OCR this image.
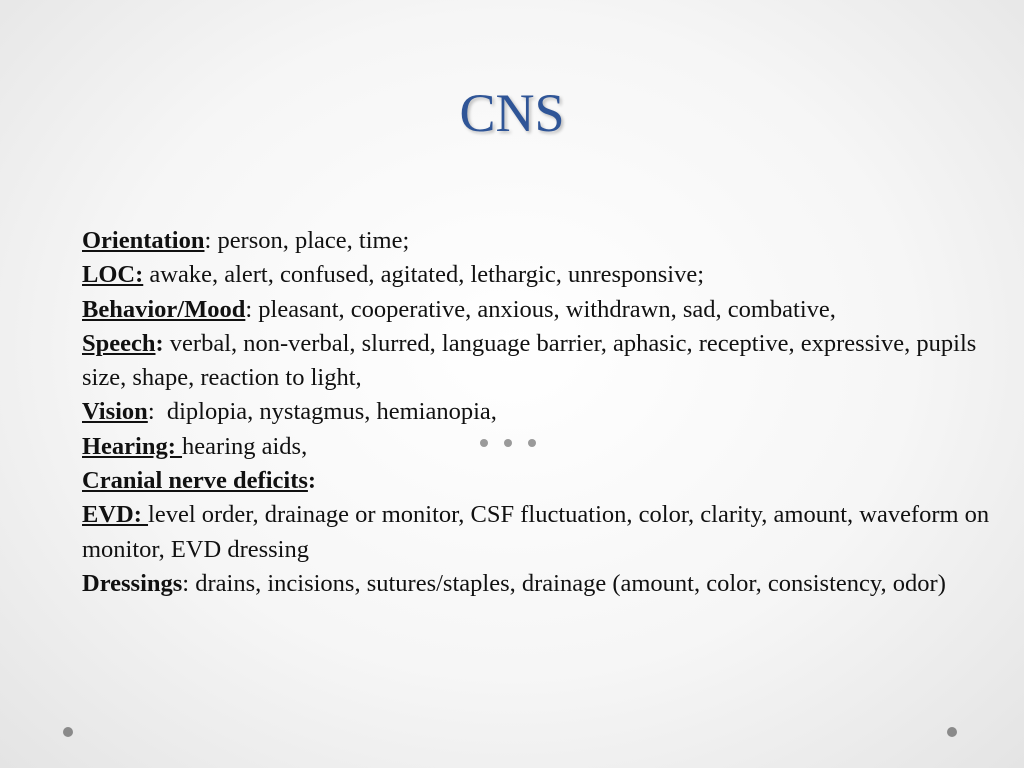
CNS

Orientation: person, place, time;

LOC: awake, alert, confused, agitated, lethargic, unresponsive;

Behavior/Mood: pleasant, cooperative, anxious, withdrawn, sad, combative,

Speech: verbal, non-verbal, slurred, language barrier, aphasic, receptive, expressive, pupils size, shape, reaction to light,

Vision:  diplopia, nystagmus, hemianopia,

Hearing: hearing aids,

Cranial nerve deficits:

EVD: level order, drainage or monitor, CSF fluctuation, color, clarity, amount, waveform on monitor, EVD dressing

Dressings: drains, incisions, sutures/staples, drainage (amount, color, consistency, odor)
